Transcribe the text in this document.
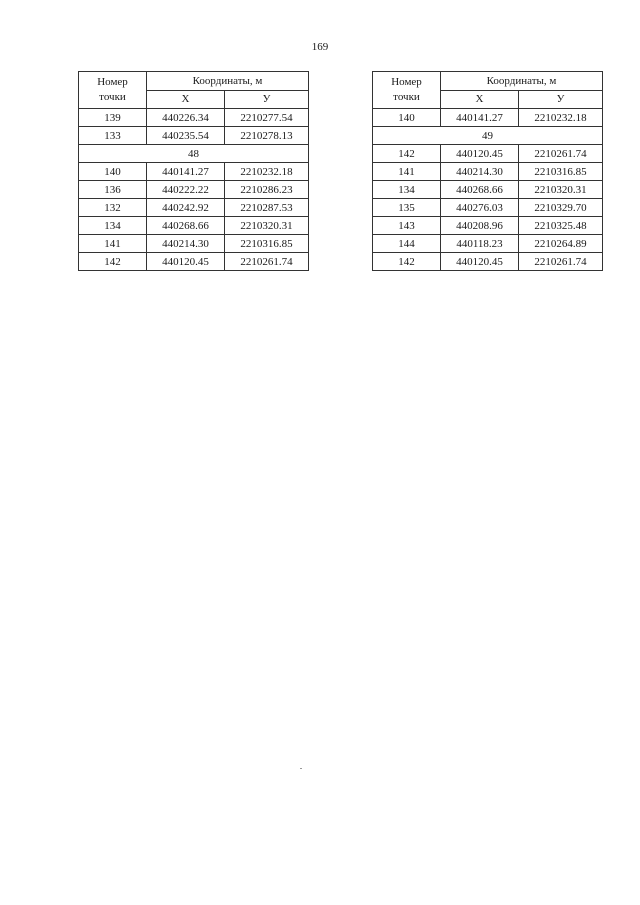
169
Номер
точки	Координаты, м	
	X	У
139	440226.34	2210277.54
133	440235.54	2210278.13
48		
140	440141.27	2210232.18
136	440222.22	2210286.23
132	440242.92	2210287.53
134	440268.66	2210320.31
141	440214.30	2210316.85
142	440120.45	2210261.74
Номер
точки	Координаты, м	
	X	У
140	440141.27	2210232.18
49		
142	440120.45	2210261.74
141	440214.30	2210316.85
134	440268.66	2210320.31
135	440276.03	2210329.70
143	440208.96	2210325.48
144	440118.23	2210264.89
142	440120.45	2210261.74
